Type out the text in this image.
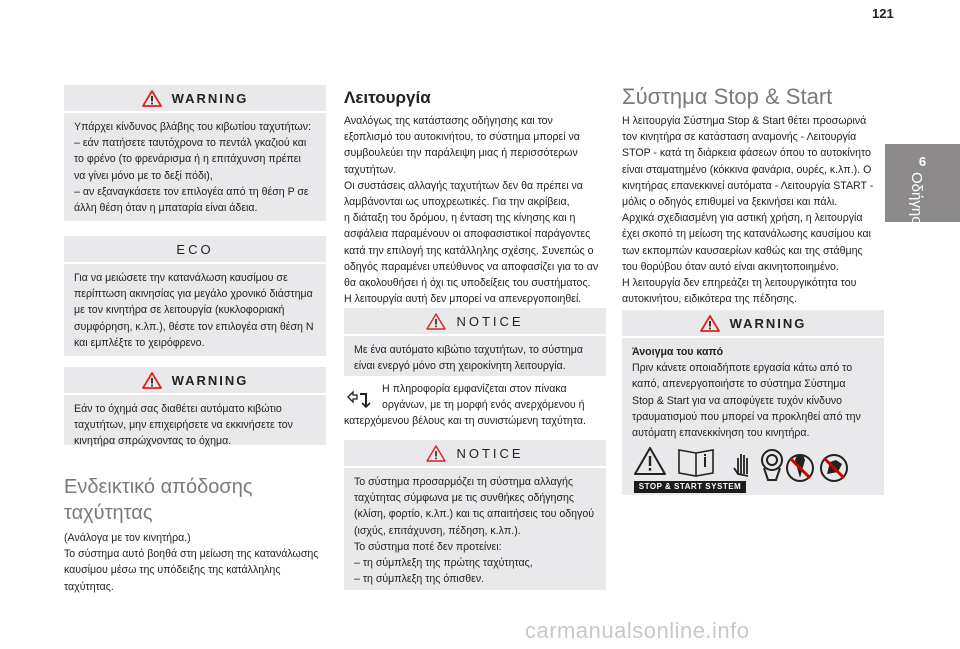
121
6
Οδήγηση
WARNING

Υπάρχει κίνδυνος βλάβης του κιβωτίου ταχυτήτων:

– εάν πατήσετε ταυτόχρονα το πεντάλ γκαζιού και

το φρένο (το φρενάρισμα ή η επιτάχυνση πρέπει

να γίνει μόνο με το δεξί πόδι),

– αν εξαναγκάσετε τον επιλογέα από τη θέση P σε

άλλη θέση όταν η μπαταρία είναι άδεια.

ECO

Για να μειώσετε την κατανάλωση καυσίμου σε

περίπτωση ακινησίας για μεγάλο χρονικό διάστημα

με τον κινητήρα σε λειτουργία (κυκλοφοριακή

συμφόρηση, κ.λπ.), θέστε τον επιλογέα στη θέση N

και εμπλέξτε το χειρόφρενο.

WARNING

Εάν το όχημά σας διαθέτει αυτόματο κιβώτιο

ταχυτήτων, μην επιχειρήσετε να εκκινήσετε τον

κινητήρα σπρώχνοντας το όχημα.

Ενδεικτικό απόδοσης
ταχύτητας

(Ανάλογα με τον κινητήρα.)

Το σύστημα αυτό βοηθά στη μείωση της κατανάλωσης

καυσίμου μέσω της υπόδειξης της κατάλληλης

ταχύτητας.

Λειτουργία

Αναλόγως της κατάστασης οδήγησης και τον

εξοπλισμό του αυτοκινήτου, το σύστημα μπορεί να

συμβουλεύει την παράλειψη μιας ή περισσότερων

ταχυτήτων.

Οι συστάσεις αλλαγής ταχυτήτων δεν θα πρέπει να

λαμβάνονται ως υποχρεωτικές. Για την ακρίβεια,

η διάταξη του δρόμου, η ένταση της κίνησης και η

ασφάλεια παραμένουν οι αποφασιστικοί παράγοντες

κατά την επιλογή της κατάλληλης σχέσης. Συνεπώς ο

οδηγός παραμένει υπεύθυνος να αποφασίζει για το αν

θα ακολουθήσει ή όχι τις υποδείξεις του συστήματος.

Η λειτουργία αυτή δεν μπορεί να απενεργοποιηθεί.

NOTICE

Με ένα αυτόματο κιβώτιο ταχυτήτων, το σύστημα

είναι ενεργό μόνο στη χειροκίνητη λειτουργία.

Η πληροφορία εμφανίζεται στον πίνακα

οργάνων, με τη μορφή ενός ανερχόμενου ή

κατερχόμενου βέλους και τη συνιστώμενη ταχύτητα.

NOTICE

Το σύστημα προσαρμόζει τη σύστημα αλλαγής

ταχύτητας σύμφωνα με τις συνθήκες οδήγησης

(κλίση, φορτίο, κ.λπ.) και τις απαιτήσεις του οδηγού

(ισχύς, επιτάχυνση, πέδηση, κ.λπ.).

Το σύστημα ποτέ δεν προτείνει:

– τη σύμπλεξη της πρώτης ταχύτητας,

– τη σύμπλεξη της όπισθεν.

Σύστημα Stop & Start

Η λειτουργία Σύστημα Stop & Start θέτει προσωρινά

τον κινητήρα σε κατάσταση αναμονής - Λειτουργία

STOP - κατά τη διάρκεια φάσεων όπου το αυτοκίνητο

είναι σταματημένο (κόκκινα φανάρια, ουρές, κ.λπ.). Ο

κινητήρας επανεκκινεί αυτόματα - Λειτουργία START -

μόλις ο οδηγός επιθυμεί να ξεκινήσει και πάλι.

Αρχικά σχεδιασμένη για αστική χρήση, η λειτουργία

έχει σκοπό τη μείωση της κατανάλωσης καυσίμου και

των εκπομπών καυσαερίων καθώς και της στάθμης

του θορύβου όταν αυτό είναι ακινητοποιημένο.

Η λειτουργία δεν επηρεάζει τη λειτουργικότητα του

αυτοκινήτου, ειδικότερα της πέδησης.

WARNING

Άνοιγμα του καπό

Πριν κάνετε οποιαδήποτε εργασία κάτω από το

καπό, απενεργοποιήστε το σύστημα Σύστημα

Stop & Start για να αποφύγετε τυχόν κίνδυνο

τραυματισμού που μπορεί να προκληθεί από την

αυτόματη επανεκκίνηση του κινητήρα.

STOP & START SYSTEM
carmanualsonline.info
